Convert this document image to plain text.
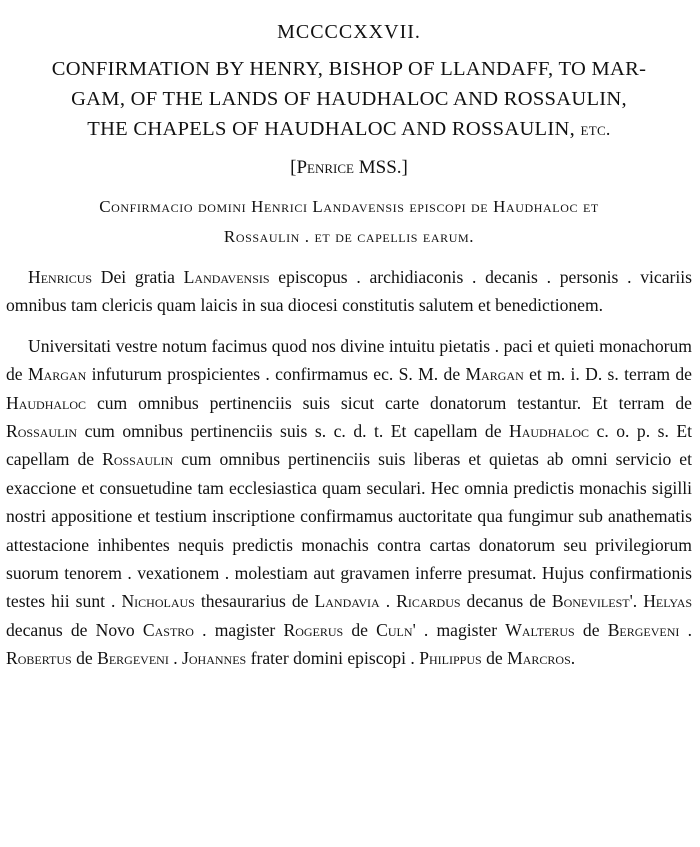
MCCCCXXVII.

CONFIRMATION BY HENRY, BISHOP OF LLANDAFF, TO MAR-
GAM, OF THE LANDS OF HAUDHALOC AND ROSSAULIN,
THE CHAPELS OF HAUDHALOC AND ROSSAULIN, etc.

[Penrice MSS.]

Confirmacio domini Henrici Landavensis episcopi de Haudhaloc et
Rossaulin . et de capellis earum.

Henricus Dei gratia Landavensis episcopus . archidiaconis . decanis . personis . vicariis omnibus tam clericis quam laicis in sua diocesi constitutis salutem et benedictionem.

Universitati vestre notum facimus quod nos divine intuitu pietatis . paci et quieti monachorum de Margan infuturum prospicientes . confirmamus ec. S. M. de Margan et m. i. D. s. terram de Haudhaloc cum omnibus pertinenciis suis sicut carte donatorum testantur. Et terram de Rossaulin cum omnibus pertinenciis suis s. c. d. t. Et capellam de Haudhaloc c. o. p. s. Et capellam de Rossaulin cum omnibus pertinenciis suis liberas et quietas ab omni servicio et exaccione et consuetudine tam ecclesiastica quam seculari. Hec omnia predictis monachis sigilli nostri appositione et testium inscriptione confirmamus auctoritate qua fungimur sub anathematis attestacione inhibentes nequis predictis monachis contra cartas donatorum seu privilegiorum suorum tenorem . vexationem . molestiam aut gravamen inferre presumat. Hujus confirmationis testes hii sunt . Nicholaus thesaurarius de Landavia . Ricardus decanus de Bonevilest'. Helyas decanus de Novo Castro . magister Rogerus de Culn' . magister Walterus de Bergeveni . Robertus de Bergeveni . Johannes frater domini episcopi . Philippus de Marcros.
